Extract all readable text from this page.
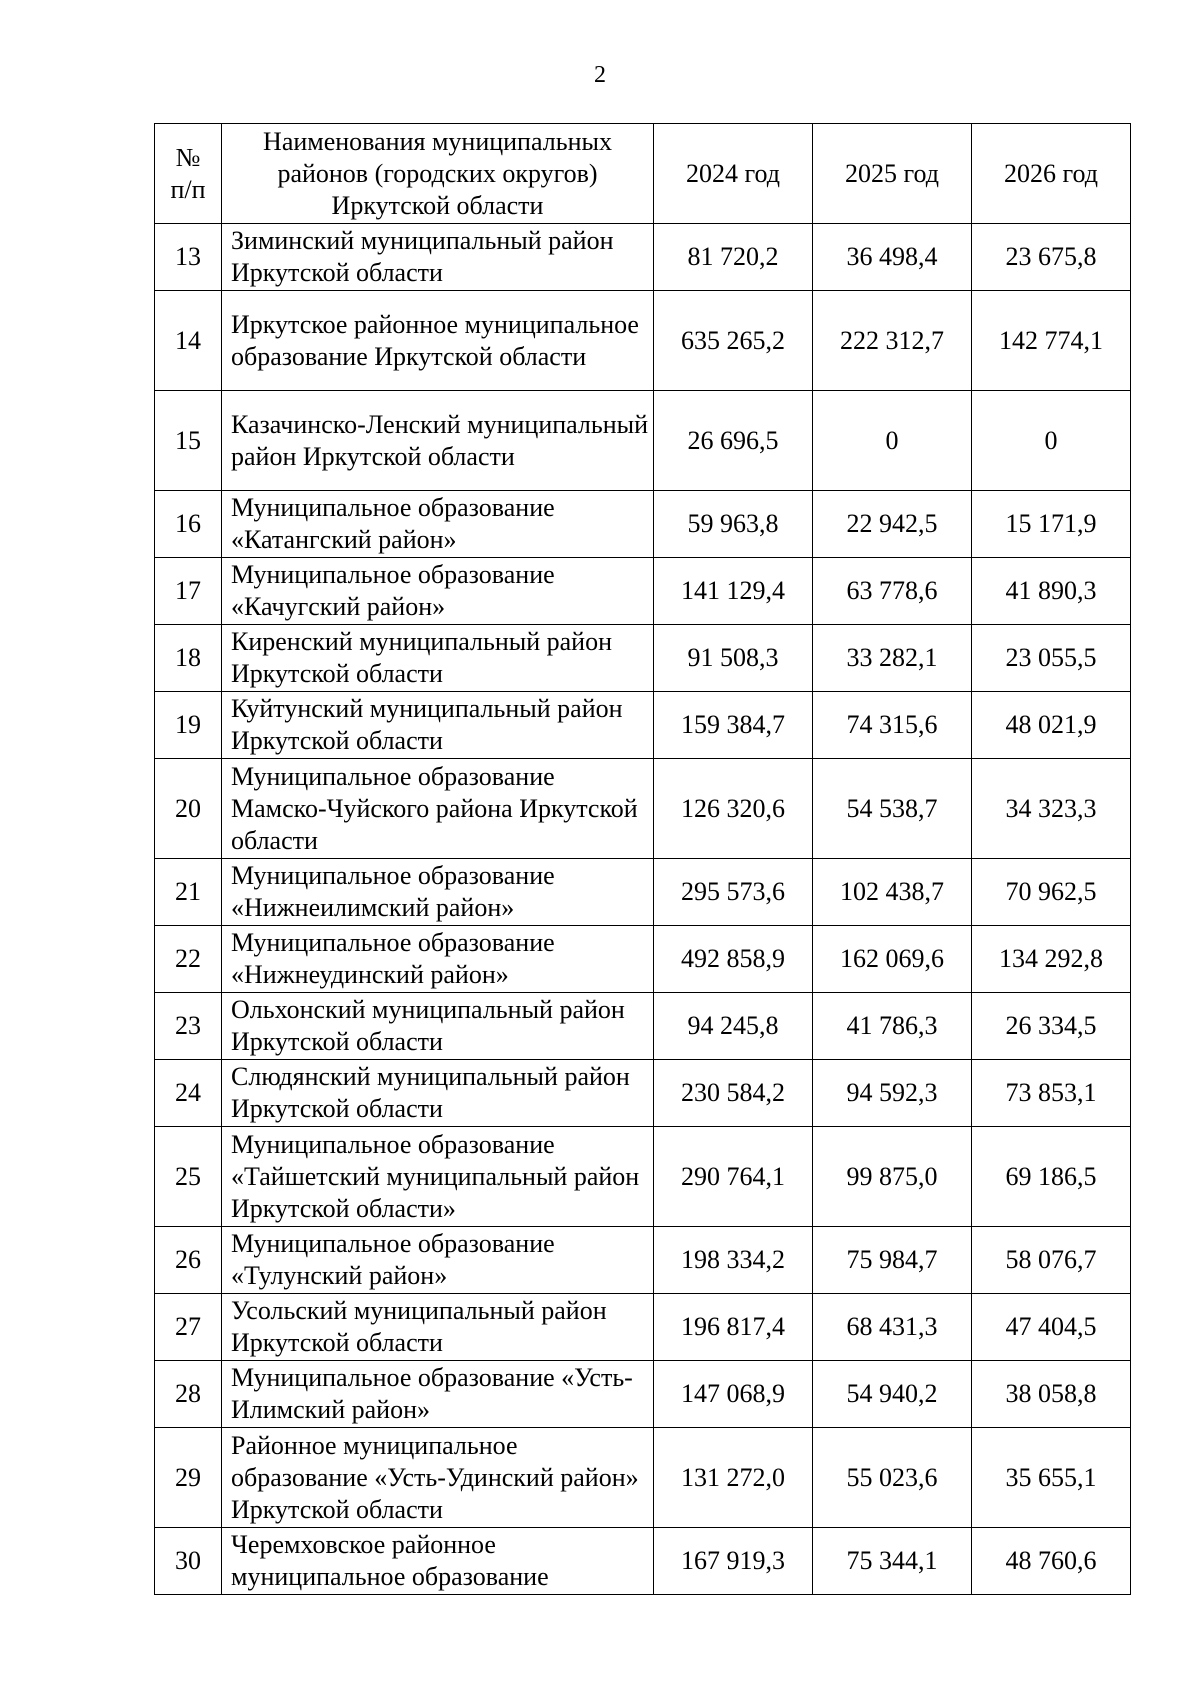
2
№
п/п	Наименования муниципальных районов (городских округов) Иркутской области	2024 год	2025 год	2026 год
13	Зиминский муниципальный район Иркутской области	81 720,2	36 498,4	23 675,8
14	Иркутское районное муниципальное образование Иркутской области	635 265,2	222 312,7	142 774,1
15	Казачинско-Ленский муниципальный район Иркутской области	26 696,5	0	0
16	Муниципальное образование «Катангский район»	59 963,8	22 942,5	15 171,9
17	Муниципальное образование «Качугский район»	141 129,4	63 778,6	41 890,3
18	Киренский муниципальный район Иркутской области	91 508,3	33 282,1	23 055,5
19	Куйтунский муниципальный район Иркутской области	159 384,7	74 315,6	48 021,9
20	Муниципальное образование Мамско-Чуйского района Иркутской области	126 320,6	54 538,7	34 323,3
21	Муниципальное образование «Нижнеилимский район»	295 573,6	102 438,7	70 962,5
22	Муниципальное образование «Нижнеудинский район»	492 858,9	162 069,6	134 292,8
23	Ольхонский муниципальный район Иркутской области	94 245,8	41 786,3	26 334,5
24	Слюдянский муниципальный район Иркутской области	230 584,2	94 592,3	73 853,1
25	Муниципальное образование «Тайшетский муниципальный район Иркутской области»	290 764,1	99 875,0	69 186,5
26	Муниципальное образование «Тулунский район»	198 334,2	75 984,7	58 076,7
27	Усольский муниципальный район Иркутской области	196 817,4	68 431,3	47 404,5
28	Муниципальное образование «Усть-Илимский район»	147 068,9	54 940,2	38 058,8
29	Районное муниципальное образование «Усть-Удинский район» Иркутской области	131 272,0	55 023,6	35 655,1
30	Черемховское районное муниципальное образование	167 919,3	75 344,1	48 760,6
